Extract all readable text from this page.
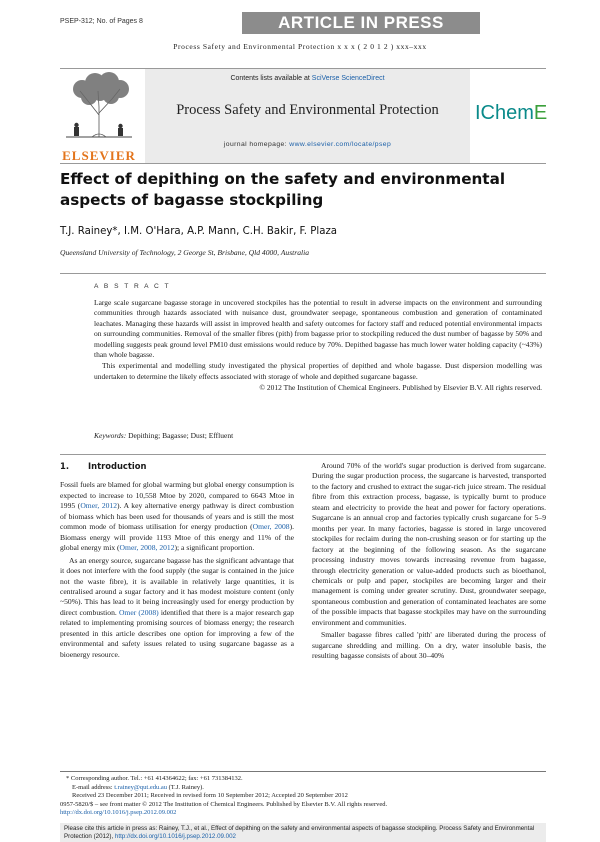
PSEP-312; No. of Pages 8	ARTICLE IN PRESS
Process Safety and Environmental Protection x x x ( 2 0 1 2 ) xxx–xxx
ELSEVIER
Contents lists available at SciVerse ScienceDirect
Process Safety and Environmental Protection
journal homepage: www.elsevier.com/locate/psep
IChemE
Effect of depithing on the safety and environmental aspects of bagasse stockpiling
T.J. Rainey*, I.M. O'Hara, A.P. Mann, C.H. Bakir, F. Plaza
Queensland University of Technology, 2 George St, Brisbane, Qld 4000, Australia
A B S T R A C T

Large scale sugarcane bagasse storage in uncovered stockpiles has the potential to result in adverse impacts on the environment and surrounding communities through hazards associated with nuisance dust, groundwater seepage, spontaneous combustion and generation of contaminated leachates. Managing these hazards will assist in improved health and safety outcomes for factory staff and reduced potential environmental impacts on surrounding communities. Removal of the smaller fibres (pith) from bagasse prior to stockpiling reduced the dust number of bagasse by 50% and modelling suggests peak ground level PM10 dust emissions would reduce by 70%. Depithed bagasse has much lower water holding capacity (~43%) than whole bagasse.

This experimental and modelling study investigated the physical properties of depithed and whole bagasse. Dust dispersion modelling was undertaken to determine the likely effects associated with storage of whole and depithed sugarcane bagasse.

© 2012 The Institution of Chemical Engineers. Published by Elsevier B.V. All rights reserved.

Keywords: Depithing; Bagasse; Dust; Effluent
1. Introduction

Fossil fuels are blamed for global warming but global energy consumption is expected to increase to 10,558 Mtoe by 2020, compared to 6643 Mtoe in 1995 (Omer, 2012). A key alternative energy pathway is direct combustion of biomass which has been used for thousands of years and is still the most common mode of biomass utilisation for energy production (Omer, 2008). Biomass energy will provide 1193 Mtoe of this energy and 11% of the global energy mix (Omer, 2008, 2012); a significant proportion.

As an energy source, sugarcane bagasse has the significant advantage that it does not interfere with the food supply (the sugar is contained in the juice not the waste fibre), it is available in relatively large quantities, it is centralised around a sugar factory and it has modest moisture content (only ~50%). This has lead to it being increasingly used for energy production by direct combustion. Omer (2008) identified that there is a major research gap related to implementing promising sources of biomass energy; the research presented in this article describes one option for improving a few of the environmental and safety issues related to using sugarcane bagasse as a bioenergy resource.

Around 70% of the world's sugar production is derived from sugarcane. During the sugar production process, the sugarcane is harvested, transported to the factory and crushed to extract the sugar-rich juice stream. The residual fibre from this extraction process, bagasse, is typically burnt to produce steam and electricity to provide the heat and power for factory operations. Sugarcane is an annual crop and factories typically crush sugarcane for 5–9 months per year. In many factories, bagasse is stored in large uncovered stockpiles for reclaim during the non-crushing season or for starting up the factory at the beginning of the following season. As the sugarcane processing industry moves towards increasing revenue from bagasse, through electricity generation or value-added products such as bioethanol, chemicals or pulp and paper, stockpiles are becoming larger and their management is coming under greater scrutiny. Dust, groundwater seepage, spontaneous combustion and generation of contaminated leachates are some of the possible impacts that bagasse stockpiles may have on the surrounding environment and communities.

Smaller bagasse fibres called 'pith' are liberated during the process of sugarcane shredding and milling. On a dry, water insoluble basis, the resulting bagasse consists of about 30–40%

* Corresponding author. Tel.: +61 414364622; fax: +61 731384132.
E-mail address: t.rainey@qut.edu.au (T.J. Rainey).
Received 23 December 2011; Received in revised form 10 September 2012; Accepted 20 September 2012
0957-5820/$ – see front matter © 2012 The Institution of Chemical Engineers. Published by Elsevier B.V. All rights reserved.
http://dx.doi.org/10.1016/j.psep.2012.09.002
Please cite this article in press as: Rainey, T.J., et al., Effect of depithing on the safety and environmental aspects of bagasse stockpiling. Process Safety and Environmental Protection (2012), http://dx.doi.org/10.1016/j.psep.2012.09.002
